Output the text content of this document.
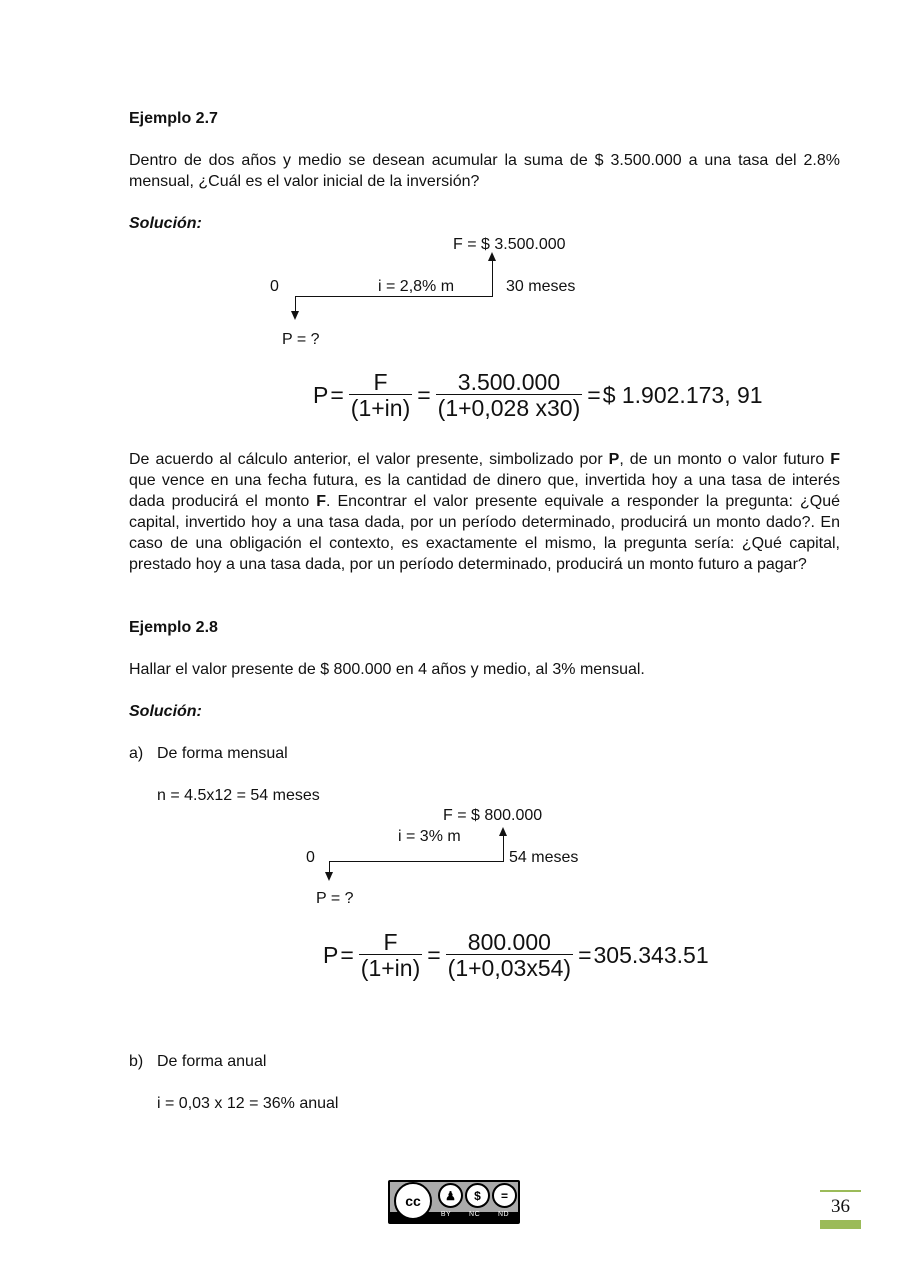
Ejemplo 2.7

Dentro de dos años y medio se desean acumular la suma de $ 3.500.000 a una tasa del 2.8% mensual, ¿Cuál es el valor inicial de la inversión?

Solución:
F = $ 3.500.000
0	i = 2,8% m	30 meses
P = ?
$P = \frac{F}{(1+in)} = \frac{3.500.000}{(1+0,028 x30)}$ = $ 1.902.173, 91

De acuerdo al cálculo anterior, el valor presente, simbolizado por P, de un monto o valor futuro F que vence en una fecha futura, es la cantidad de dinero que, invertida hoy a una tasa de interés dada producirá el monto F. Encontrar el valor presente equivale a responder la pregunta: ¿Qué capital, invertido hoy a una tasa dada, por un período determinado, producirá un monto dado?. En caso de una obligación el contexto, es exactamente el mismo, la pregunta sería: ¿Qué capital, prestado hoy a una tasa dada, por un período determinado, producirá un monto futuro a pagar?

Ejemplo 2.8
Hallar el valor presente de $ 800.000 en 4 años y medio, al 3% mensual.
Solución:
a) De forma mensual
n = 4.5x12 = 54 meses
F = $ 800.000
i = 3% m
0	54 meses
P = ?
$P = \frac{F}{(1+in)} = \frac{800.000}{(1+0,03x54)} = 305.343.51$
b) De forma anual
i = 0,03 x 12 = 36% anual
cc	♟	$	=
BY	NC	ND	36
